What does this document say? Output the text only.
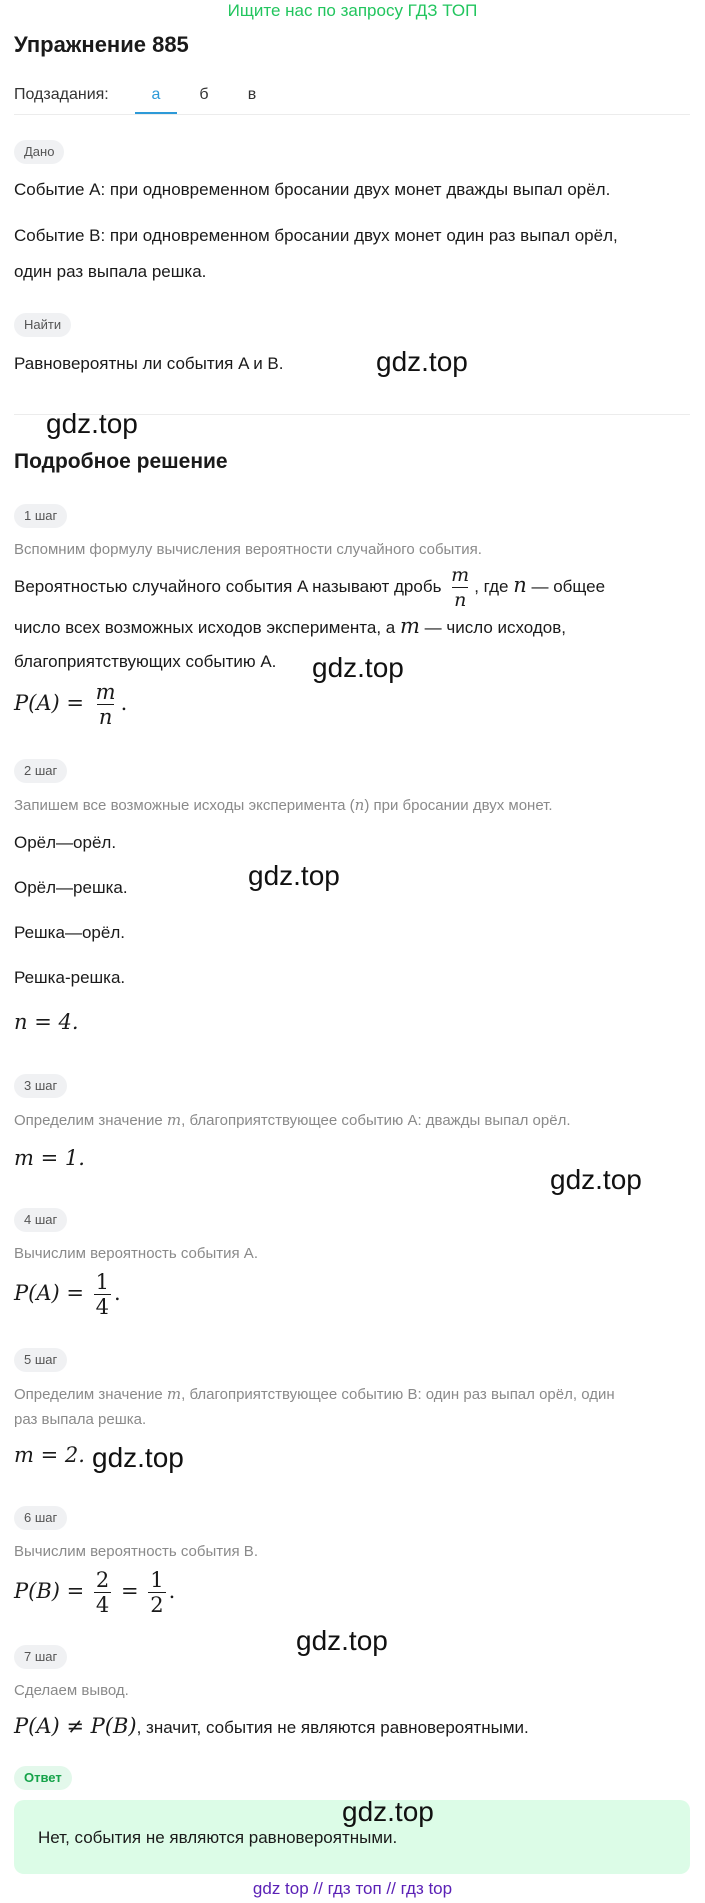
Ищите нас по запросу ГДЗ ТОП
Упражнение 885
Подзадания:	а	б	в
Дано
Событие A: при одновременном бросании двух монет дважды выпал орёл.
Событие B: при одновременном бросании двух монет один раз выпал орёл,
один раз выпала решка.
Найти
Равновероятны ли события A и B.	gdz.top
gdz.top
Подробное решение
1 шаг
Вспомним формулу вычисления вероятности случайного события.
Вероятностью случайного события A называют дробь $\frac{m}{n}$ , где n — общее
число всех возможных исходов эксперимента, а m — число исходов,
благоприятствующих событию A.	gdz.top
$P(A) = \frac{m}{n}$ .
2 шаг
Запишем все возможные исходы эксперимента (n) при бросании двух монет.
Орёл—орёл.
Орёл—решка.	gdz.top
Решка—орёл.
Решка-решка.
n = 4.
3 шаг
Определим значение m, благоприятствующее событию A: дважды выпал орёл.
m = 1.
gdz.top
4 шаг
Вычислим вероятность события A.
$P(A) = \frac{1}{4}$ .
5 шаг
Определим значение m, благоприятствующее событию B: один раз выпал орёл, один
раз выпала решка.
m = 2. gdz.top
6 шаг
Вычислим вероятность события B.
$P(B) = \frac{2}{4} = \frac{1}{2}$ .
gdz.top
7 шаг
Сделаем вывод.
P(A) ≠ P(B), значит, события не являются равновероятными.
Ответ
gdz.top
Нет, события не являются равновероятными.
gdz top // гдз топ // гдз top
